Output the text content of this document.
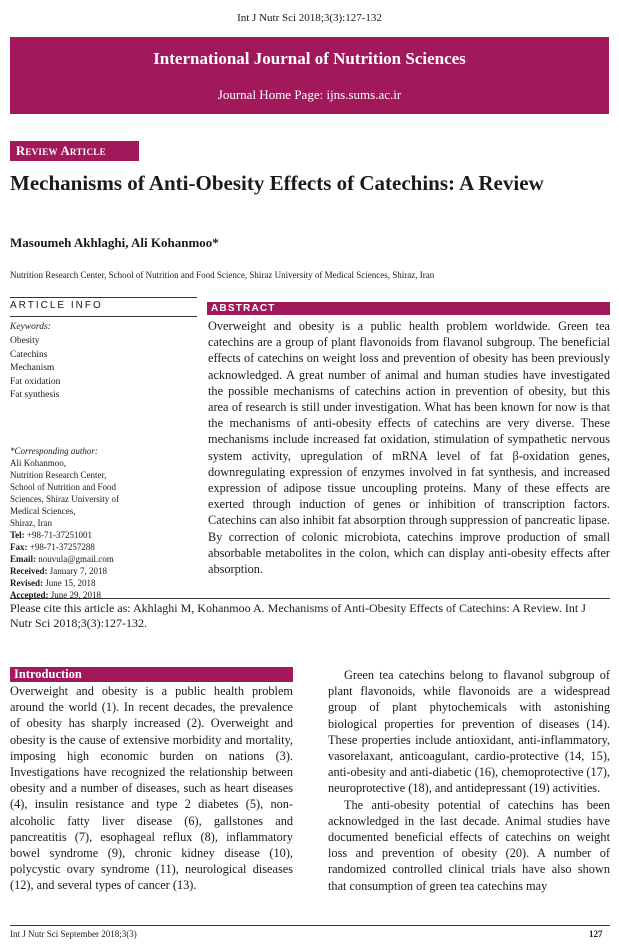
Int J Nutr Sci 2018;3(3):127-132
International Journal of Nutrition Sciences
Journal Home Page: ijns.sums.ac.ir
Review Article
Mechanisms of Anti-Obesity Effects of Catechins: A Review
Masoumeh Akhlaghi, Ali Kohanmoo*
Nutrition Research Center, School of Nutrition and Food Science, Shiraz University of Medical Sciences, Shiraz, Iran
ARTICLE INFO
Keywords:
Obesity
Catechins
Mechanism
Fat oxidation
Fat synthesis
*Corresponding author:
Ali Kohanmoo,
Nutrition Research Center,
School of Nutrition and Food
Sciences, Shiraz University of
Medical Sciences,
Shiraz, Iran
Tel: +98-71-37251001
Fax: +98-71-37257288
Email: nouvula@gmail.com
Received: January 7, 2018
Revised: June 15, 2018
Accepted: June 29, 2018
ABSTRACT

Overweight and obesity is a public health problem worldwide. Green tea catechins are a group of plant flavonoids from flavanol subgroup. The beneficial effects of catechins on weight loss and prevention of obesity has been previously acknowledged. A great number of animal and human studies have investigated the possible mechanisms of catechins action in prevention of obesity, but this area of research is still under investigation. What has been known for now is that the mechanisms of anti-obesity effects of catechins are very diverse. These mechanisms include increased fat oxidation, stimulation of sympathetic nervous system activity, upregulation of mRNA level of fat β-oxidation genes, downregulating expression of enzymes involved in fat synthesis, and increased expression of adipose tissue uncoupling proteins. Many of these effects are exerted through induction of genes or inhibition of transcription factors. Catechins can also inhibit fat absorption through suppression of pancreatic lipase. By correction of colonic microbiota, catechins improve production of small absorbable metabolites in the colon, which can display anti-obesity effects after absorption.

Please cite this article as: Akhlaghi M, Kohanmoo A. Mechanisms of Anti-Obesity Effects of Catechins: A Review. Int J Nutr Sci 2018;3(3):127-132.

Introduction

Overweight and obesity is a public health problem around the world (1). In recent decades, the prevalence of obesity has sharply increased (2). Overweight and obesity is the cause of extensive morbidity and mortality, imposing high economic burden on nations (3). Investigations have recognized the relationship between obesity and a number of diseases, such as heart diseases (4), insulin resistance and type 2 diabetes (5), non-alcoholic fatty liver disease (6), gallstones and pancreatitis (7), esophageal reflux (8), inflammatory bowel syndrome (9), chronic kidney disease (10), polycystic ovary syndrome (11), neurological diseases (12), and several types of cancer (13).

Green tea catechins belong to flavanol subgroup of plant flavonoids, while flavonoids are a widespread group of plant phytochemicals with astonishing biological properties for prevention of diseases (14). These properties include antioxidant, anti-inflammatory, vasorelaxant, anticoagulant, cardio-protective (14, 15), anti-obesity and anti-diabetic (16), chemoprotective (17), neuroprotective (18), and antidepressant (19) activities.

The anti-obesity potential of catechins has been acknowledged in the last decade. Animal studies have documented beneficial effects of catechins on weight loss and prevention of obesity (20). A number of randomized controlled clinical trials have also shown that consumption of green tea catechins may

Int J Nutr Sci September 2018;3(3)	127
